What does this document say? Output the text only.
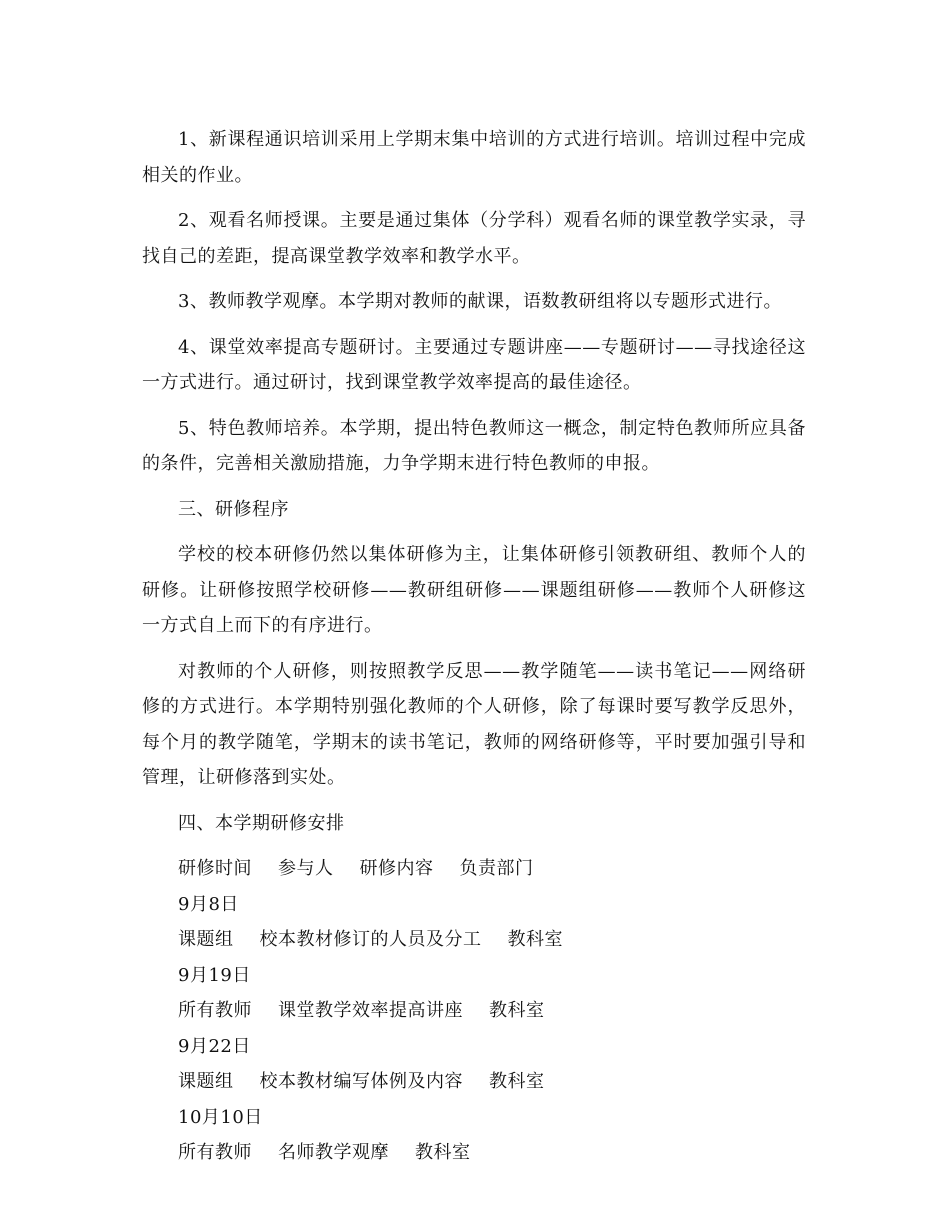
1、新课程通识培训采用上学期末集中培训的方式进行培训。培训过程中完成相关的作业。

2、观看名师授课。主要是通过集体（分学科）观看名师的课堂教学实录，寻找自己的差距，提高课堂教学效率和教学水平。

3、教师教学观摩。本学期对教师的献课，语数教研组将以专题形式进行。

4、课堂效率提高专题研讨。主要通过专题讲座——专题研讨——寻找途径这一方式进行。通过研讨，找到课堂教学效率提高的最佳途径。

5、特色教师培养。本学期，提出特色教师这一概念，制定特色教师所应具备的条件，完善相关激励措施，力争学期末进行特色教师的申报。

三、研修程序

学校的校本研修仍然以集体研修为主，让集体研修引领教研组、教师个人的研修。让研修按照学校研修——教研组研修——课题组研修——教师个人研修这一方式自上而下的有序进行。

对教师的个人研修，则按照教学反思——教学随笔——读书笔记——网络研修的方式进行。本学期特别强化教师的个人研修，除了每课时要写教学反思外，每个月的教学随笔，学期末的读书笔记，教师的网络研修等，平时要加强引导和管理，让研修落到实处。

四、本学期研修安排

研修时间 参与人 研修内容 负责部门
9月8日
课题组 校本教材修订的人员及分工 教科室
9月19日
所有教师 课堂教学效率提高讲座 教科室
9月22日
课题组 校本教材编写体例及内容 教科室
10月10日
所有教师 名师教学观摩 教科室
